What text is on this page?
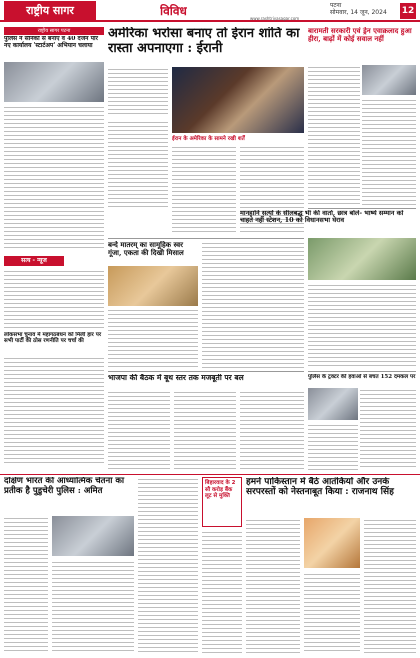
राष्ट्रीय सागर	विविध	पटना
सोमवार, 14 जून, 2024
www.rashtriyasagar.com
12
राष्ट्रीय सागर पटना
पुलिस ने सैनिकों से बनाए व 40 दर्जन पार नए कार्यालय 'स्टार्टअप' अभियान चलाया
सत्य - न्यूज
लोकसभा चुनाव में महागठबंधन को मिली हार पर सभी पार्टी की ठोस रणनीति पर चर्चा की
अमेरिका भरोसा बनाए तो ईरान शांति का रास्ता अपनाएगा : ईरानी
ईरान के अमेरिका के सामने रखी शर्तें
बारामती सरकारी एवं ड्रेन एवाक्रलाद हुआ हीरा, बाढ़ों में कोई सवाल नहीं
बन्दे मातरम् का सामूहिक स्वर गूंजा, एकता की दिखी मिसाल
मानहानि सत्यों के सीलबद्ध भी की वार्ता, छात्र बोले- भाष्ये सम्मान को चाहते नहीं स्टेशन, 10 को विधानसभा घेराव
भाजपा की बैठक में बूथ स्तर तक मजबूती पर बल	पुलिस के ट्रक्टर की हवाओं से बचत 152 दमकल पर
दक्षिण भारत की आध्यात्मिक चेतना का प्रतीक है पुडुचेरी पुलिस : अमित
बिहारवाद के 2 सौ करोड़ बैंक लूट से मुक्ति
हमने पाकिस्तान में बैठे आतंकियों और उनके सरपरस्तों को नेस्तनाबूत किया : राजनाथ सिंह
